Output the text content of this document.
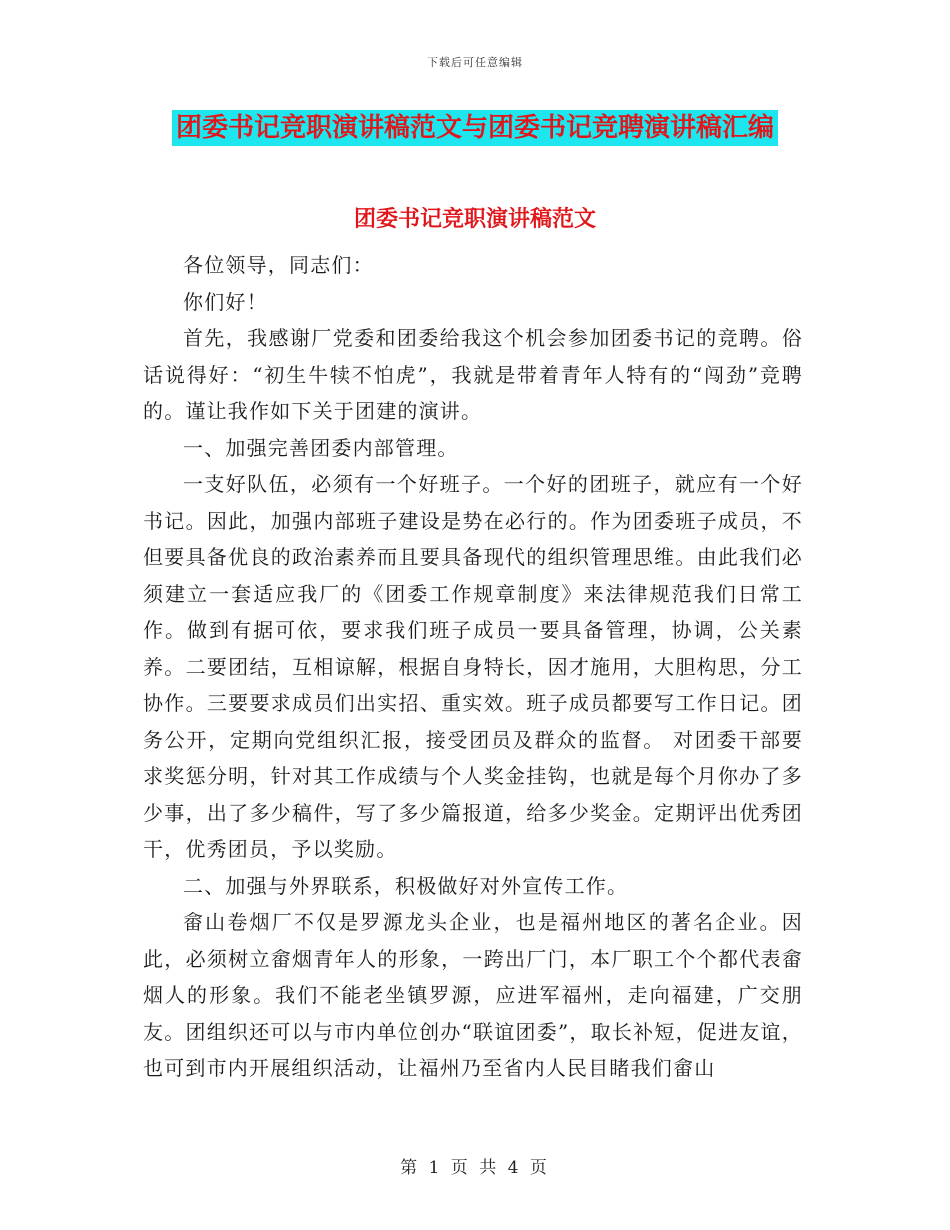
下载后可任意编辑
团委书记竞职演讲稿范文与团委书记竞聘演讲稿汇编
团委书记竞职演讲稿范文

各位领导，同志们：

你们好！

首先，我感谢厂党委和团委给我这个机会参加团委书记的竞聘。俗话说得好：“初生牛犊不怕虎”，我就是带着青年人特有的“闯劲”竞聘 的。谨让我作如下关于团建的演讲。

一、加强完善团委内部管理。

一支好队伍，必须有一个好班子。一个好的团班子，就应有一个好书记。因此，加强内部班子建设是势在必行的。作为团委班子成员，不但要具备优良的政治素养而且要具备现代的组织管理思维。由此我们必须建立一套适应我厂的《团委工作规章制度》来法律规范我们日常工作。做到有据可依，要求我们班子成员一要具备管理，协调，公关素养。二要团结，互相谅解，根据自身特长，因才施用，大胆构思，分工协作。三要要求成员们出实招、重实效。班子成员都要写工作日记。团务公开，定期向党组织汇报，接受团员及群众的监督。 对团委干部要求奖惩分明，针对其工作成绩与个人奖金挂钩，也就是每个月你办了多少事，出了多少稿件，写了多少篇报道，给多少奖金。定期评出优秀团干，优秀团员，予以奖励。

二、加强与外界联系，积极做好对外宣传工作。

畲山卷烟厂不仅是罗源龙头企业，也是福州地区的著名企业。因此，必须树立畲烟青年人的形象，一跨出厂门，本厂职工个个都代表畲烟人的形象。我们不能老坐镇罗源，应进军福州，走向福建，广交朋友。团组织还可以与市内单位创办“联谊团委”，取长补短，促进友谊，也可到市内开展组织活动，让福州乃至省内人民目睹我们畲山

第 1 页 共 4 页
